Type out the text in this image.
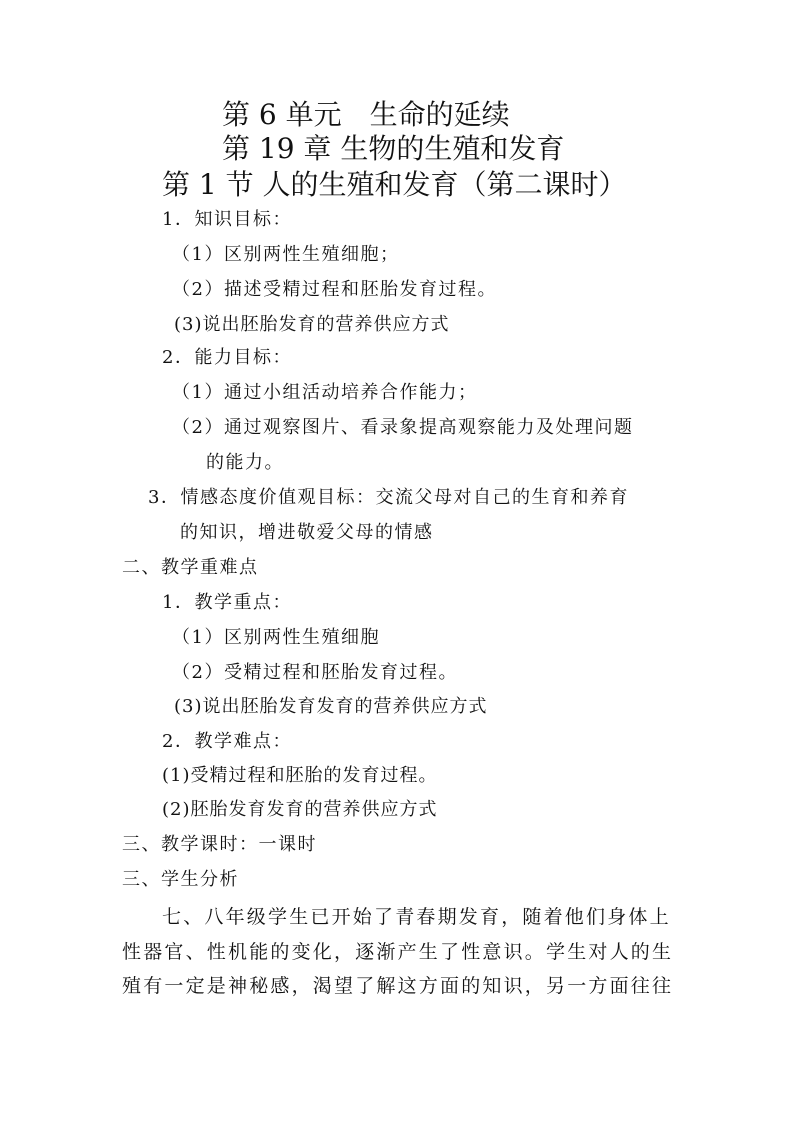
第 6 单元　生命的延续
第 19 章 生物的生殖和发育
第 1 节 人的生殖和发育（第二课时）
1．知识目标：
（1）区别两性生殖细胞；
（2）描述受精过程和胚胎发育过程。
(3)说出胚胎发育的营养供应方式
2．能力目标：
（1）通过小组活动培养合作能力；
（2）通过观察图片、看录象提高观察能力及处理问题
的能力。
3．情感态度价值观目标：交流父母对自己的生育和养育
的知识，增进敬爱父母的情感
二、教学重难点
1．教学重点：
（1）区别两性生殖细胞
（2）受精过程和胚胎发育过程。
(3)说出胚胎发育发育的营养供应方式
2．教学难点：
(1)受精过程和胚胎的发育过程。
(2)胚胎发育发育的营养供应方式
三、教学课时：一课时
三、学生分析
七、八年级学生已开始了青春期发育，随着他们身体上
性器官、性机能的变化，逐渐产生了性意识。学生对人的生
殖有一定是神秘感，渴望了解这方面的知识，另一方面往往
